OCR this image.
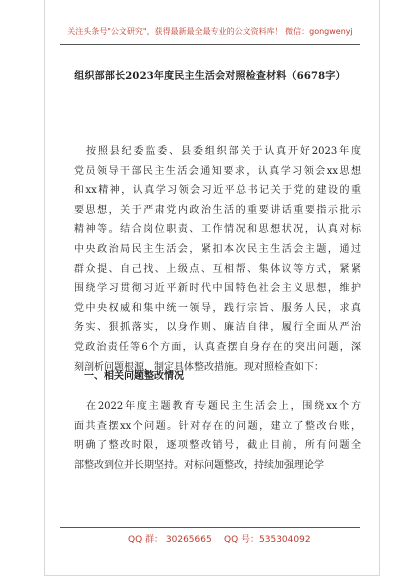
关注头条号"公文研究"，获得最新最全最专业的公文资料库！ 微信：gongwenyj
组织部部长2023年度民主生活会对照检查材料（6678字）
按照县纪委监委、县委组织部关于认真开好2023年度
党员领导干部民主生活会通知要求，认真学习领会xx思想
和xx精神，认真学习领会习近平总书记关于党的建设的重
要思想，关于严肃党内政治生活的重要讲话重要指示批示
精神等。结合岗位职责、工作情况和思想状况，认真对标
中央政治局民主生活会，紧扣本次民主生活会主题，通过
群众提、自己找、上级点、互相帮、集体议等方式，紧紧
围绕学习贯彻习近平新时代中国特色社会主义思想，维护
党中央权威和集中统一领导，践行宗旨、服务人民，求真
务实、狠抓落实，以身作则、廉洁自律，履行全面从严治
党政治责任等6个方面，认真查摆自身存在的突出问题，深
刻剖析问题根源，制定具体整改措施。现对照检查如下：
一、相关问题整改情况
在2022年度主题教育专题民主生活会上，围绕xx个方
面共查摆xx个问题。针对存在的问题，建立了整改台账，
明确了整改时限，逐项整改销号，截止目前，所有问题全
部整改到位并长期坚持。对标问题整改，持续加强理论学
QQ 群： 30265665 QQ 号：535304092
